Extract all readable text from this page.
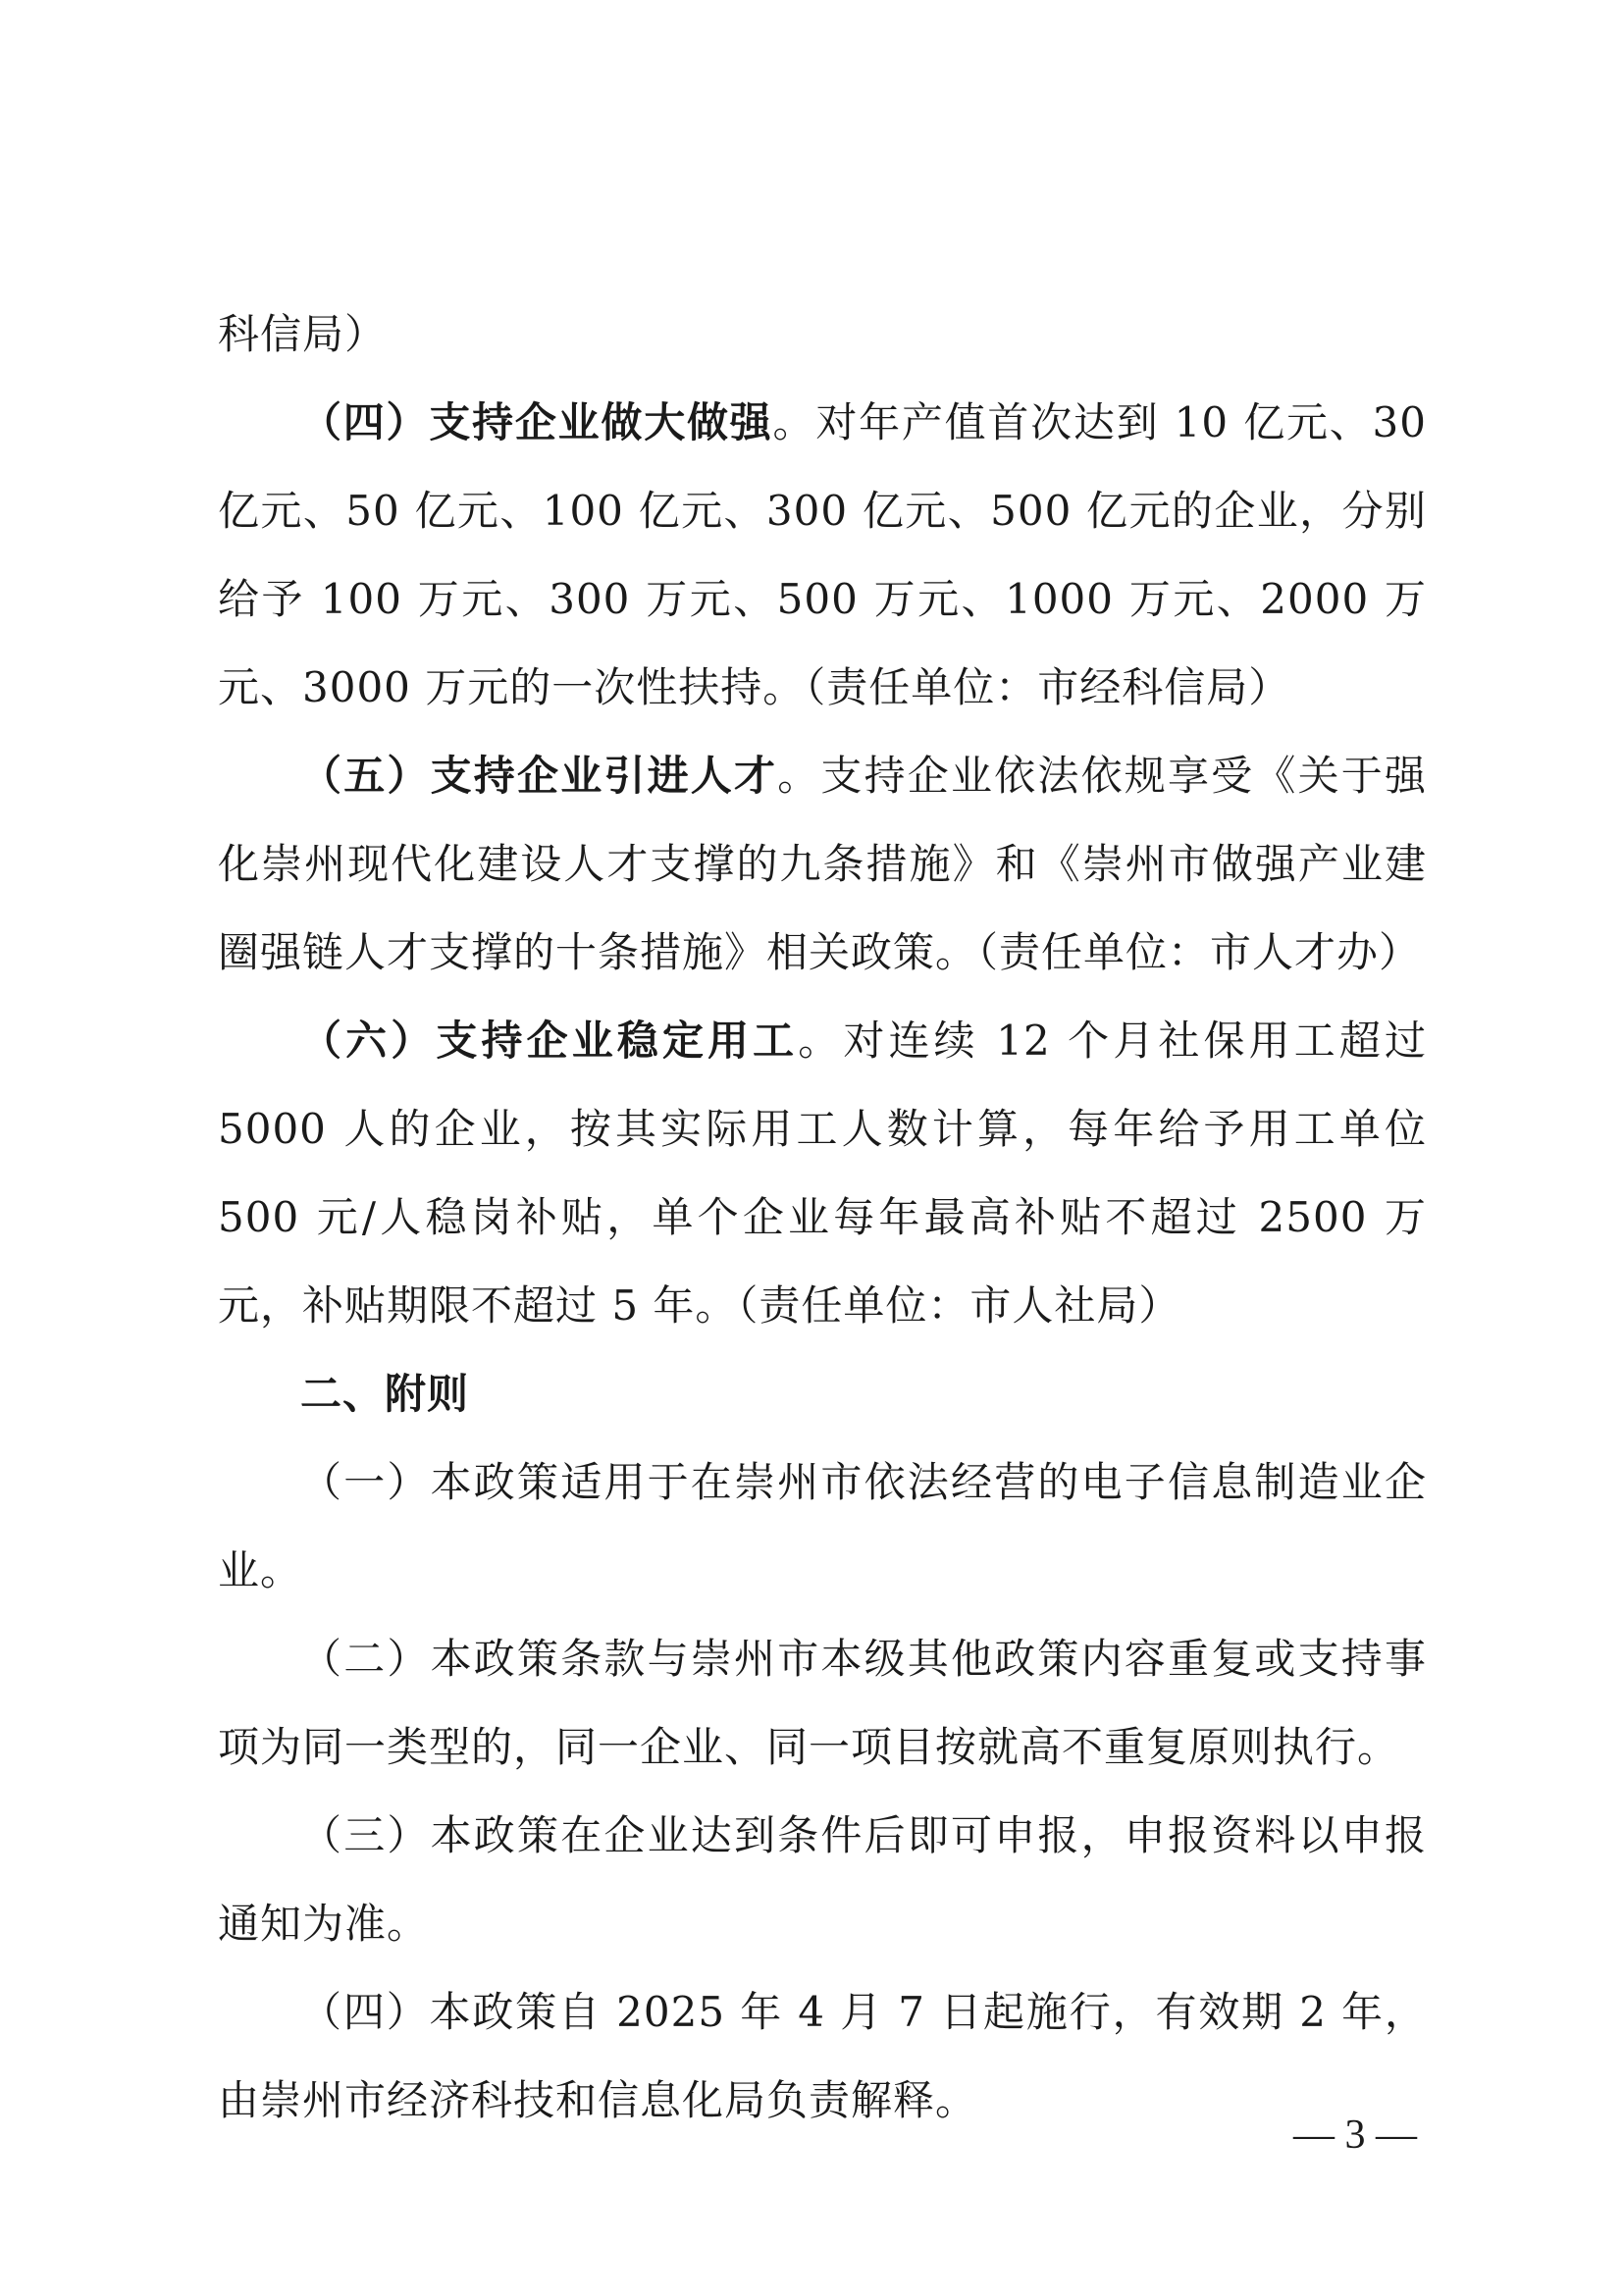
科信局）

（四）支持企业做大做强。对年产值首次达到 10 亿元、30 亿元、50 亿元、100 亿元、300 亿元、500 亿元的企业，分别给予 100 万元、300 万元、500 万元、1000 万元、2000 万元、3000 万元的一次性扶持。（责任单位：市经科信局）

（五）支持企业引进人才。支持企业依法依规享受《关于强化崇州现代化建设人才支撑的九条措施》和《崇州市做强产业建圈强链人才支撑的十条措施》相关政策。（责任单位：市人才办）

（六）支持企业稳定用工。对连续 12 个月社保用工超过 5000 人的企业，按其实际用工人数计算，每年给予用工单位 500 元/人稳岗补贴，单个企业每年最高补贴不超过 2500 万元，补贴期限不超过 5 年。（责任单位：市人社局）

二、附则

（一）本政策适用于在崇州市依法经营的电子信息制造业企业。

（二）本政策条款与崇州市本级其他政策内容重复或支持事项为同一类型的，同一企业、同一项目按就高不重复原则执行。

（三）本政策在企业达到条件后即可申报，申报资料以申报通知为准。

（四）本政策自 2025 年 4 月 7 日起施行，有效期 2 年，由崇州市经济科技和信息化局负责解释。

— 3 —
